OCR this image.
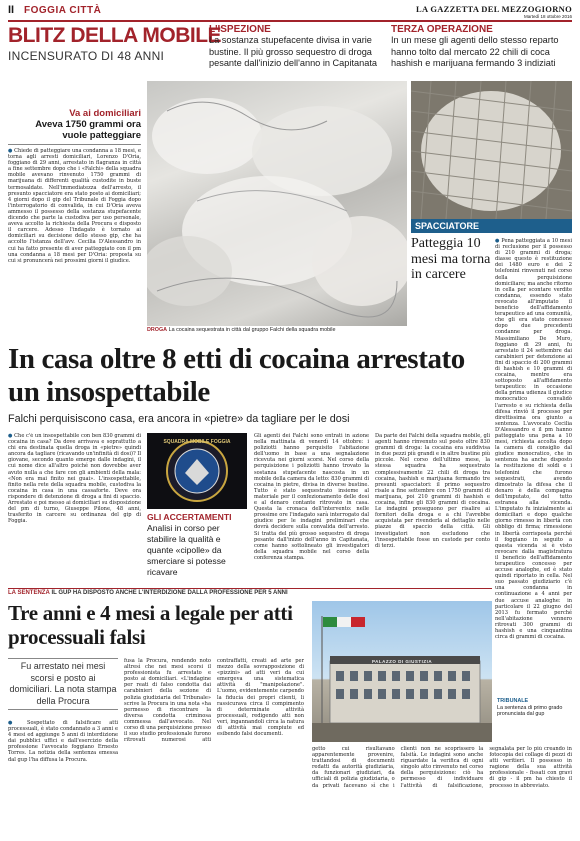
II FOGGIA CITTÀ	LA GAZZETTA DEL MEZZOGIORNO
Martedì 18 ottobre 2016
BLITZ DELLA MOBILE
INCENSURATO DI 48 ANNI
L'ISPEZIONE
La sostanza stupefacente divisa in varie bustine. Il più grosso sequestro di droga pesante dall'inizio dell'anno in Capitanata
TERZA OPERAZIONE
In un mese gli agenti dello stesso reparto hanno tolto dal mercato 22 chili di coca hashish e marijuana fermando 3 indiziati
Va ai domiciliari
Aveva 1750 grammi ora vuole patteggiare
● Chiede di patteggiare una condanna a 18 mesi, e torna agli arresti domiciliari, Lorenzo D'Oria, foggiano di 29 anni, arrestato in flagranza in città a fine settembre dopo che i «Falchi» della squadra mobile avevano rinvenuto 1750 grammi di marijuana di differenti qualità custodite in buste termosaldate. Nell'immediatezza dell'arresto, il presunto spacciatore era stato posto ai domiciliari; 4 giorni dopo il gip del Tribunale di Foggia dopo l'interrogatorio di convalida, in cui D'Oria aveva ammesso il possesso della sostanza stupefacente dicendo che parte la custodiva per uso personale, aveva accolto la richiesta della Procura e disposto il carcere. Adesso l'indagato è tornato ai domiciliari su decisione dello stesso gip, che ha accolto l'istanza dell'avv. Cecilia D'Alessandro in cui ha fatto presente di aver patteggiato con il pm una condanna a 18 mesi per D'Oria: proposta su cui si pronuncerà nei prossimi giorni il giudice.
DROGA La cocaina sequestrata in città dal gruppo Falchi della squadra mobile
SPACCIATORE
Patteggia 10 mesi ma torna in carcere
● Pena patteggiata a 10 mesi di reclusione per il possesso di 210 grammi di droga; diasse questo è restituzione dei 1480 euro e dei 2 telefonini rinvenuti nel corso della perquisizione domiciliare; ma anche ritorno in cella per scontare verdite condanna, essendo stato revocato all'imputato il beneficio dell'affidamento terapeutico ad una comunità, che gli era stato concesso dopo due precedenti condanne per droga. Massimiliano De Muro, foggiano di 29 anni, fu arrestato il 24 settembre dai carabinieri per detenzione ai fini di spaccio di 200 grammi di hashish e 10 grammi di cocaina, mentre era sottoposto all'affidamento terapeutico: in occasione della prima udienza il giudice monocratico convalidò l'arresto e su richiesta della difesa rinviò il processo per direttissima ora giunto a sentenza. L'avvocato Cecilia D'Alessandro e il pm hanno patteggiato una pena a 10 mesi, richiesta accolta dopo la camera di consiglio dal giudice monocratico, che in sentenza ha anche disposto la restituzione di soldi e i telefonini che furono sequestrati, avendo dimostrato la difesa che il denaro è della compagna dell'imputato, del tutto estranea alla vicenda. L'imputato fu inizialmente ai domiciliari e dopo qualche giorno rimesso in libertà con obbligo di firma; rimessione in libertà corrisposta perché il foggiano in seguito a questa vicenda si è visto revocare dalla magistratura il beneficio dell'affidamento terapeutico concesso per accuse analoghe, ed è stato quindi riportato in cella. Nel suo passato giudiziario c'è una condanna in continuazione a 4 anni per due accuse analoghe: in particolare il 22 giugno del 2013 fu fermato perché nell'abitazione vennero ritrovati 300 grammi di hashish e una cinquantina circa di grammi di cocaina.
In casa oltre 8 etti di cocaina arrestato un insospettabile
Falchi perquisiscono casa, era ancora in «pietre» da tagliare per le dosi
● Che c'è un insospettabile con ben 830 grammi di cocaina in casa? Da dove arrivava e soprattutto a chi era destinata quella droga in «pietre» quindi ancora da tagliare (ricavando un'infinità di dosi)? Il giovane, secondo quanto emerge dalle indagini, il cui nome dice all'altro poiché non dovrebbe aver avuto nulla a che fare con gli ambienti della mala: «Non era mai finito nei guai». L'insospettabile, finito nella rete della squadra mobile, custodiva la cocaina in casa in una cassaforte. Deve ora rispondere di detenzione di droga a fini di spaccio. Arrestato e poi messo ai domiciliari su disposizione del pm di turno, Giuseppe Pilone, 48 anni, trasferito in carcere su ordinanza del gip di Foggia.
SQUADRA MOBILE FOGGIA
GLI ACCERTAMENTI
Analisi in corso per stabilire la qualità e quante «cipolle» da smerciare si potesse ricavare
Gli agenti dei Falchi sono entrati in azione nella mattinata di venerdì 14 ottobre: i poliziotti hanno perquisito l'abitazione dell'uomo in base a una segnalazione ricevuta nei giorni scorsi. Nel corso della perquisizione i poliziotti hanno trovato la sostanza stupefacente nascosta in un mobile della camera da letto: 830 grammi di cocaina in pietre, divisa in diverse bustine. Tutto è stato sequestrato insieme al materiale per il confezionamento delle dosi e al denaro contante ritrovato in casa. Questa la cronaca dell'intervento: nelle prossime ore l'indagato sarà interrogato dal giudice per le indagini preliminari che dovrà decidere sulla convalida dell'arresto. Si tratta del più grosso sequestro di droga pesante dall'inizio dell'anno in Capitanata, come hanno sottolineato gli investigatori della squadra mobile nel corso della conferenza stampa.
Da parte dei Falchi della squadra mobile, gli agenti hanno rinvenuto sul posto oltre 830 grammi di droga: la cocaina era suddivisa in due pezzi più grandi e in altre bustine più piccole. Nel corso dell'ultimo mese, la stessa squadra ha sequestrato complessivamente 22 chili di droga tra cocaina, hashish e marijuana fermando tre presunti spacciatori: il primo sequestro risale a fine settembre con 1750 grammi di marijuana, poi 210 grammi di hashish e cocaina, infine gli 830 grammi di cocaina. Le indagini proseguono per risalire ai fornitori della droga e a chi l'avrebbe acquistata per rivenderla al dettaglio nelle piazze di spaccio della città. Gli investigatori non escludono che l'insospettabile fosse un custode per conto di terzi.
LA SENTENZA IL GUP HA DISPOSTO ANCHE L'INTERDIZIONE DALLA PROFESSIONE PER 5 ANNI
Tre anni e 4 mesi a legale per atti processuali falsi
Fu arrestato nei mesi scorsi e posto ai domiciliari. La nota stampa della Procura
● Sospettato di falsificare atti processuali, è stato condannato a 3 anni e 4 mesi ed aggiunge 5 anni di interdizione dai pubblici uffici e dall'esercizio della professione l'avvocato foggiano Ernesto Torres. La notizia della sentenza emessa dal gup l'ha diffusa la Procura.
fusa la Procura, rendendo noto altresì che nei mesi scorsi il professionista fu arrestato e posto ai domiciliari. «L'indagine per reati di falso condotta dai carabinieri della sezione di polizia giudiziaria del Tribunale» scrive la Procura in una nota «ha permesso di riscontrare la diversa condotta criminosa commessa dall'avvocato. Nel corso di una perquisizione presso il suo studio professionale furono ritrovati numerosi atti contraffatti, creati ad arte per mezzo della sovrapposizione di «pizzini» ad atti veri da cui emergeva una sistematica attività di "manipolazione". L'uomo, evidentemente carpendo la fiducia dei propri clienti, li rassicurava circa il compimento di determinate attività processuali, redigendo atti non veri, ingannandoli circa la natura di attività mai compiute ed esibendo falsi documenti.
PALAZZO DI GIUSTIZIA
TRIBUNALE
La sentenza di primo grado pronunciata dal gup
getto cui risultavano apparentemente provenire, trattandosi di documenti redatti da autorità giudiziaria, da funzionari giudiziari, da ufficiali di polizia giudiziaria, o da privati facevano sì che i clienti non ne scoprissero la falsità. Le indagini sono anche riguardate la verifica di ogni singolo atto rinvenuto nel corso della perquisizione: ciò ha permesso di individuare l'attività di falsificazione, segnalata per lo più creando in fotocopia dei collage di pezzi di atti veritieri. Il possesso in ragione della sua attività professionale - fissati con gravi di gip - il pm ha chiesto il processo in abbreviato.
